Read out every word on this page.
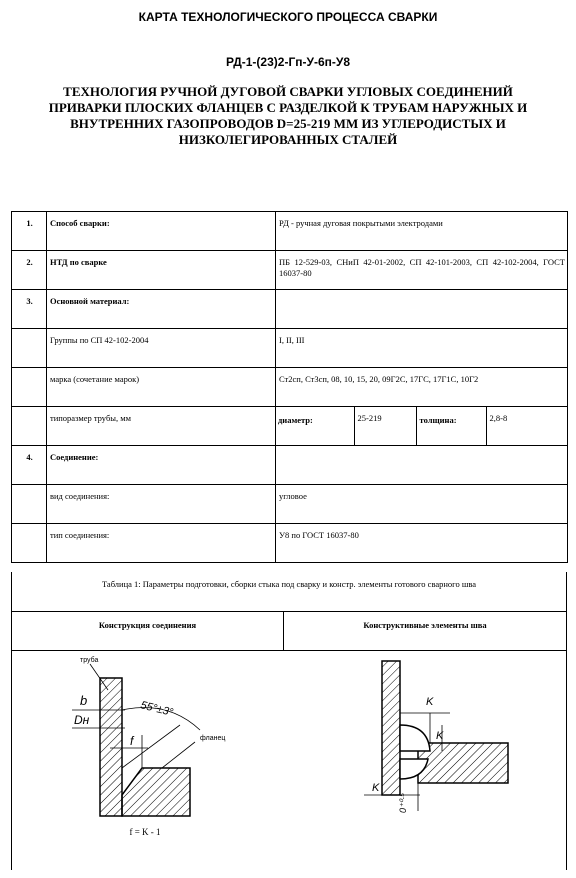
КАРТА ТЕХНОЛОГИЧЕСКОГО ПРОЦЕССА СВАРКИ
РД-1-(23)2-Гп-У-6п-У8
ТЕХНОЛОГИЯ РУЧНОЙ ДУГОВОЙ СВАРКИ УГЛОВЫХ СОЕДИНЕНИЙ
ПРИВАРКИ ПЛОСКИХ ФЛАНЦЕВ С РАЗДЕЛКОЙ К ТРУБАМ НАРУЖНЫХ И
ВНУТРЕННИХ ГАЗОПРОВОДОВ D=25-219 ММ ИЗ УГЛЕРОДИСТЫХ И
НИЗКОЛЕГИРОВАННЫХ СТАЛЕЙ
1.	Способ сварки:	РД - ручная дуговая покрытыми электродами
2.	НТД по сварке	ПБ 12-529-03, СНиП 42-01-2002, СП 42-101-2003, СП 42-102-2004, ГОСТ 16037-80
3.	Основной материал:	
	Группы по СП 42-102-2004	I, II, III
	марка (сочетание марок)	Ст2сп, Ст3сп, 08, 10, 15, 20, 09Г2С, 17ГС, 17Г1С, 10Г2
	типоразмер трубы, мм		диаметр:	25-219	толщина:	2,8-8

4.	Соединение:	
	вид соединения:	угловое
	тип соединения:	У8 по ГОСТ 16037-80
Таблица 1: Параметры подготовки, сборки стыка под сварку и констр. элементы готового сварного шва
Конструкция соединения	Конструктивные элементы шва
труба
b
Dн
55°±3°
f	фланец
f = K - 1
K
K
K
0⁺⁰·⁵
